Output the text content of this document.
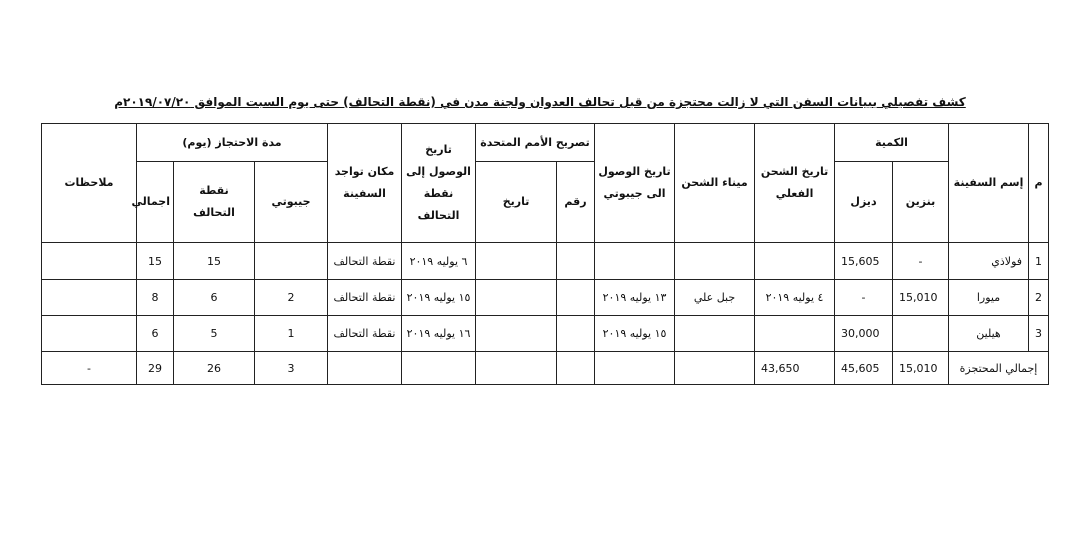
كشف تفصيلي ببيانات السفن التي لا زالت محتجزة من قبل تحالف العدوان ولجنة مدن في (نقطة التحالف) حتى يوم السبت الموافق ٢٠١٩/٠٧/٢٠م
م	إسم السفينة	الكمية		تاريخ الشحن الفعلي	ميناء الشحن	تاريخ الوصول الى جيبوتي	تصريح الأمم المتحدة		تاريخ الوصول إلى نقطة التحالف	مكان تواجد السفينة	مدة الاحتجاز (يوم)			ملاحظات
		بنزين	ديزل				رقم	تاريخ			جيبوتي	نقطة التحالف	اجمالي	
1	فولاذي	-	15,605						٦ يوليه ٢٠١٩	نقطة التحالف		15	15	
2	ميورا	15,010	-	٤ يوليه ٢٠١٩	جبل علي	١٣ يوليه ٢٠١٩			١٥ يوليه ٢٠١٩	نقطة التحالف	2	6	8	
3	هيلين		30,000			١٥ يوليه ٢٠١٩			١٦ يوليه ٢٠١٩	نقطة التحالف	1	5	6	
إجمالي المحتجزة		15,010	45,605	43,650							3	26	29	-
